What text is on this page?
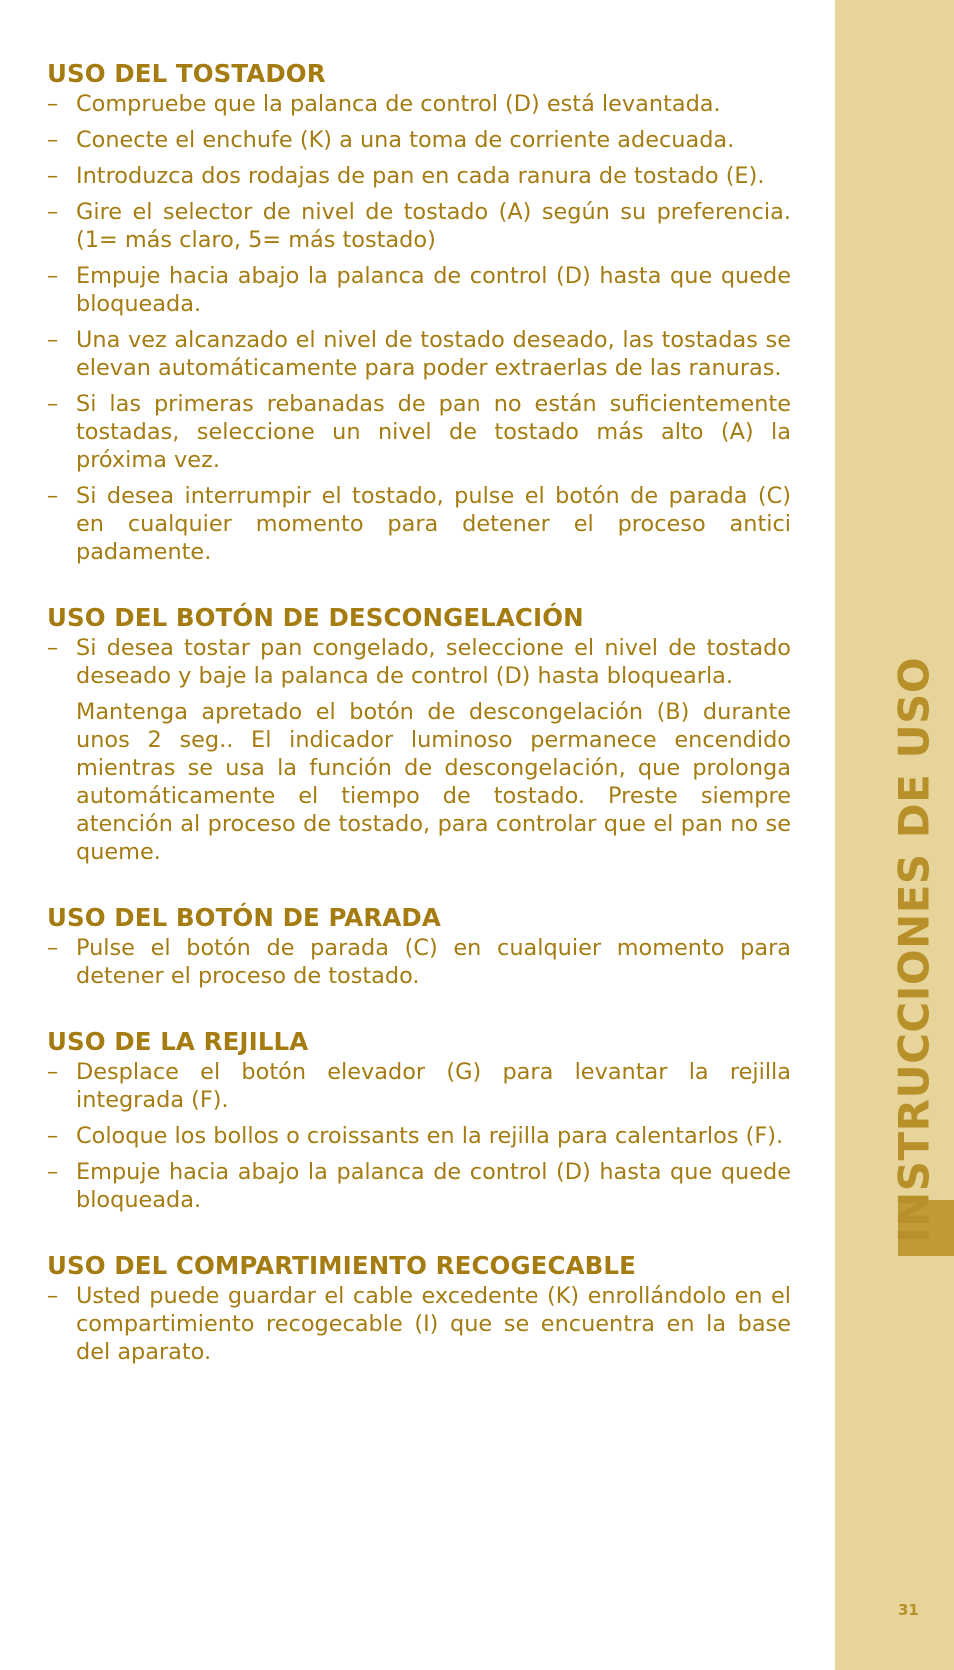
USO DEL TOSTADOR
– Compruebe que la palanca de control (D) está levantada.
– Conecte el enchufe (K) a una toma de corriente adecuada.
– Introduzca dos rodajas de pan en cada ranura de tostado (E).
– Gire el selector de nivel de tostado (A) según su preferencia. (1= más claro, 5= más tostado)
– Empuje hacia abajo la palanca de control (D) hasta que quede bloqueada.
– Una vez alcanzado el nivel de tostado deseado, las tostadas se elevan automáticamente para poder extraerlas de las ranuras.
– Si las primeras rebanadas de pan no están suficientemente tostadas, seleccione un nivel de tostado más alto (A) la próxima vez.
– Si desea interrumpir el tostado, pulse el botón de parada (C) en cualquier momento para detener el proceso antici padamente.
USO DEL BOTÓN DE DESCONGELACIÓN
– Si desea tostar pan congelado, seleccione el nivel de tostado deseado y baje la palanca de control (D) hasta bloquearla.
Mantenga apretado el botón de descongelación (B) durante unos 2 seg.. El indicador luminoso permanece encendido mientras se usa la función de descongelación, que prolonga automáticamente el tiempo de tostado. Preste siempre atención al proceso de tostado, para controlar que el pan no se queme.
USO DEL BOTÓN DE PARADA
– Pulse el botón de parada (C) en cualquier momento para detener el proceso de tostado.
USO DE LA REJILLA
– Desplace el botón elevador (G) para levantar la rejilla integrada (F).
– Coloque los bollos o croissants en la rejilla para calentarlos (F).
– Empuje hacia abajo la palanca de control (D) hasta que quede bloqueada.
USO DEL COMPARTIMIENTO RECOGECABLE
– Usted puede guardar el cable excedente (K) enrollándolo en el compartimiento recogecable (I) que se encuentra en la base del aparato.
INSTRUCCIONES DE USO
31
